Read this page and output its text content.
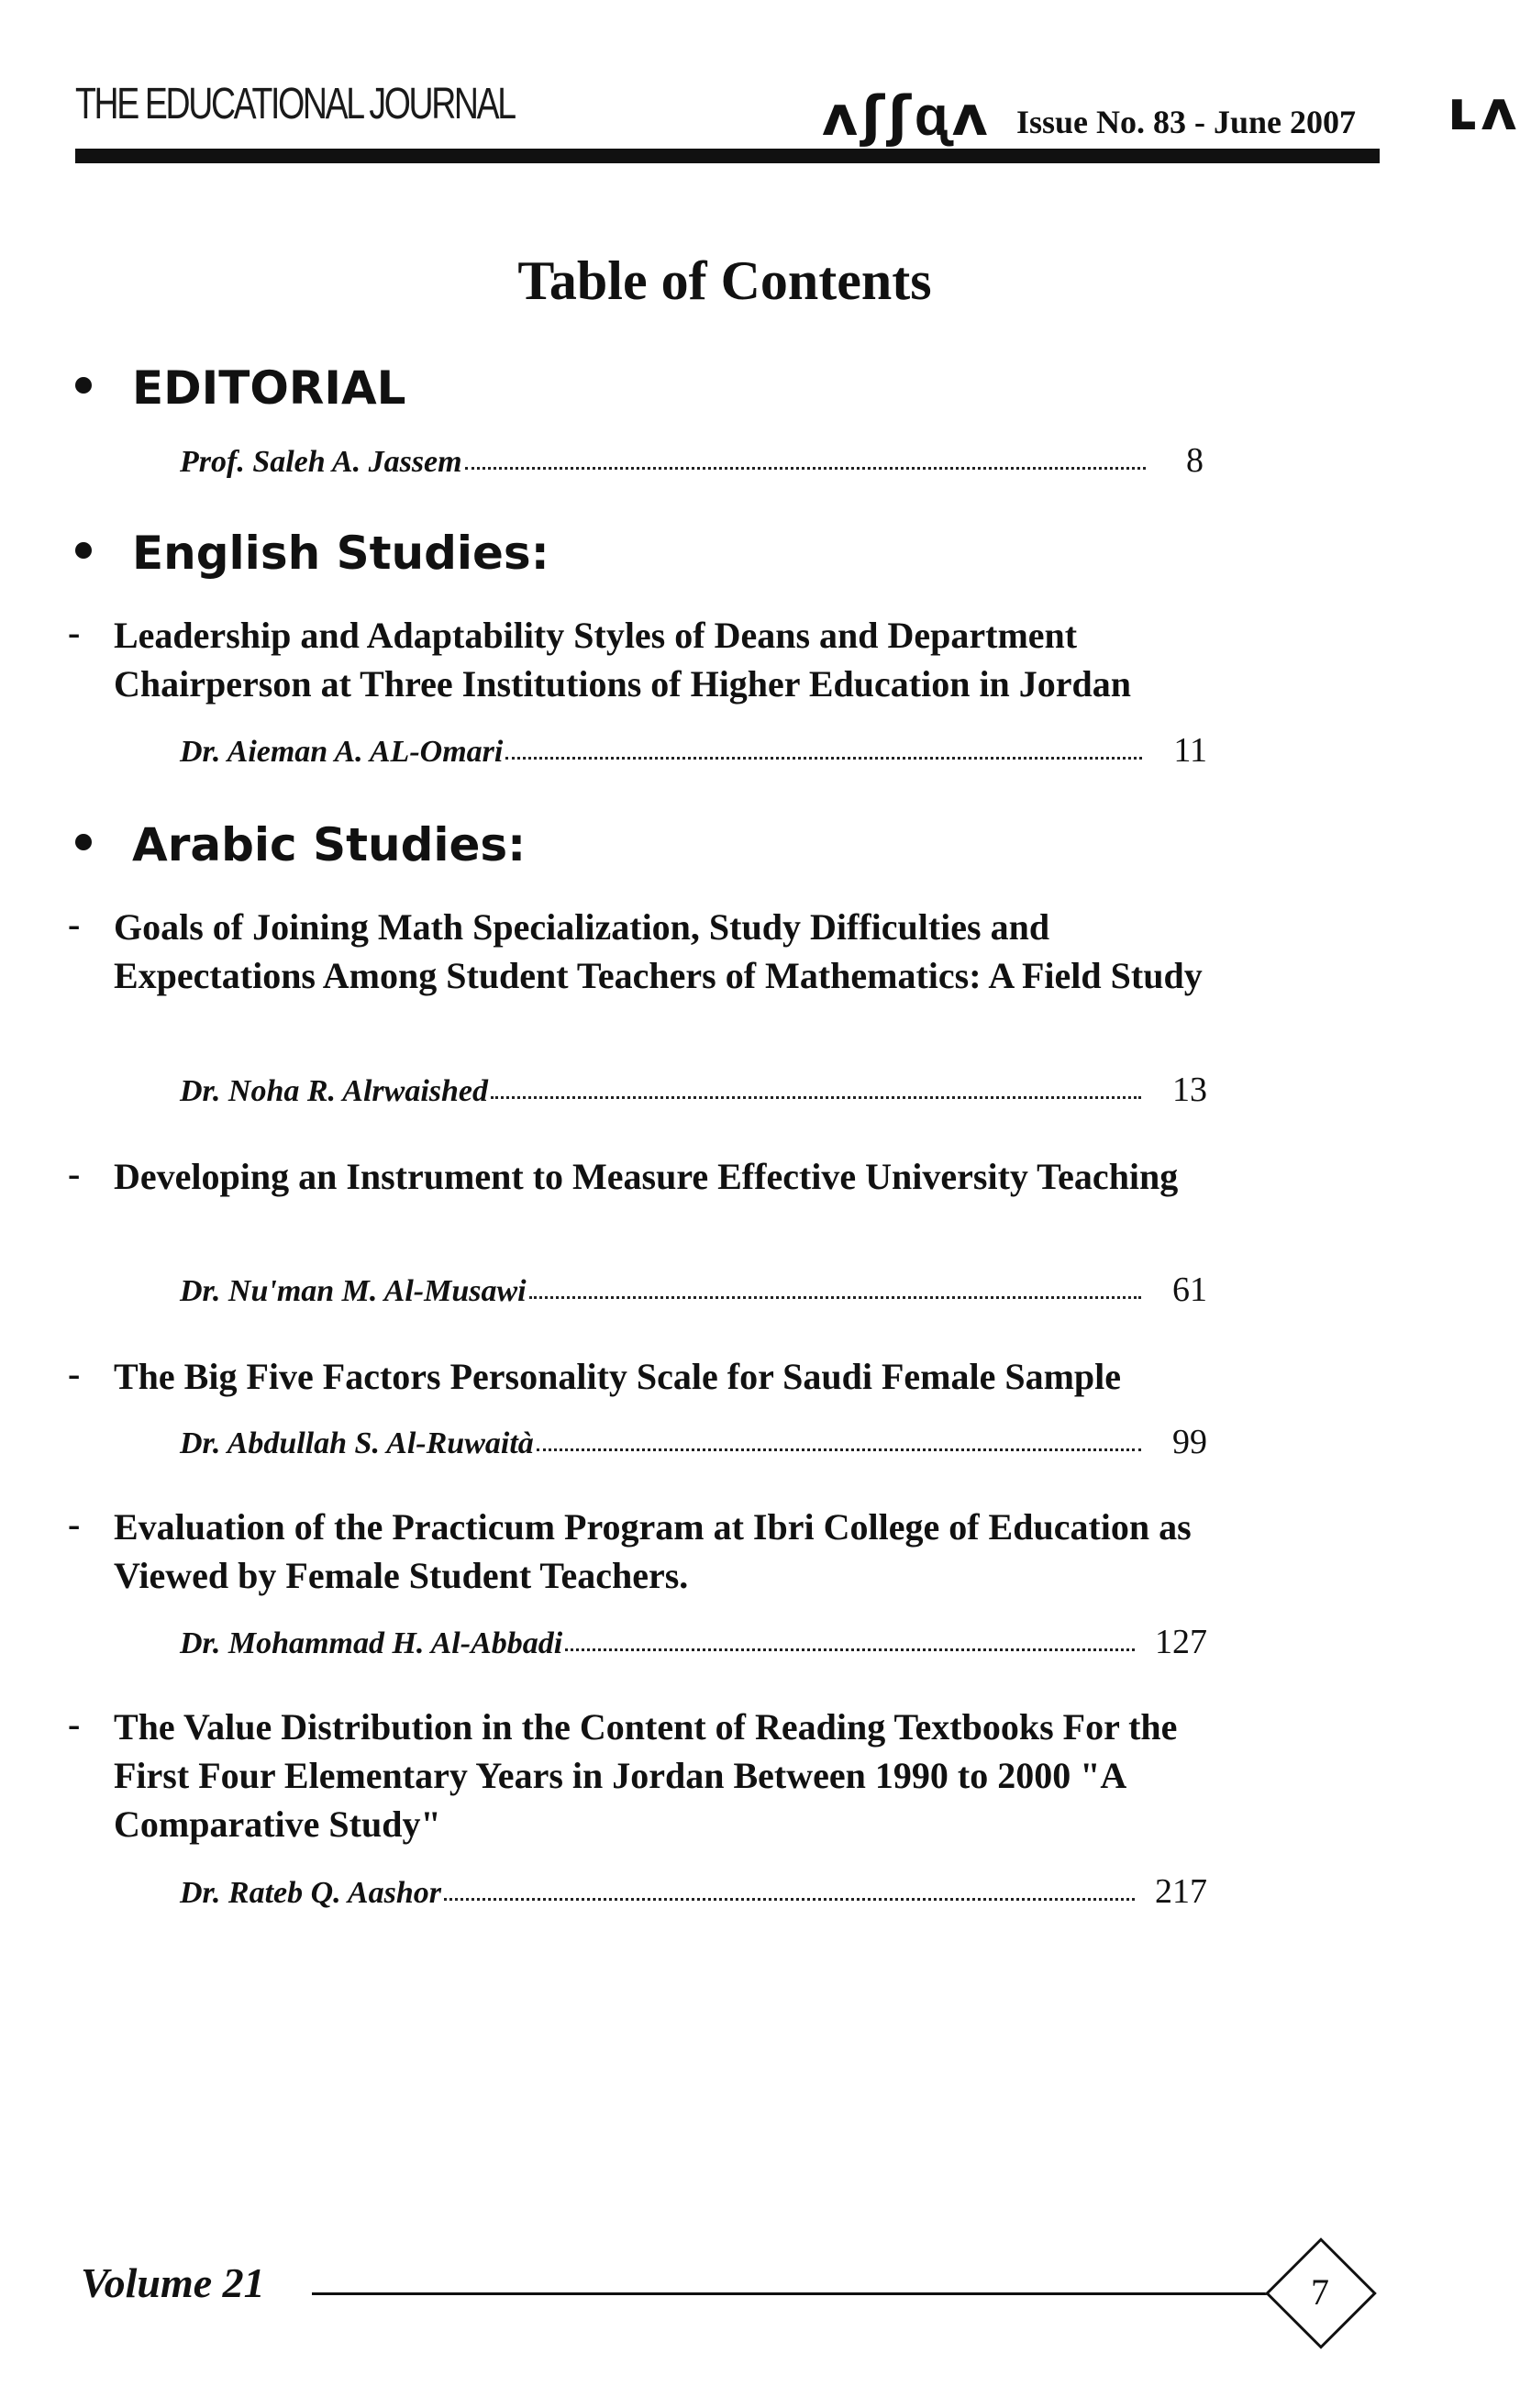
THE EDUCATIONAL JOURNAL	ʌʃʃᶐʌ Issue No. 83 - June 2007 ʟʌ
Table of Contents
EDITORIAL
Prof. Saleh A. Jassem	8
English Studies:
- Leadership and Adaptability Styles of Deans and Department Chairperson at Three Institutions of Higher Education in Jordan
Dr. Aieman A. AL-Omari	11
Arabic Studies:
- Goals of Joining Math Specialization, Study Difficulties and Expectations Among Student Teachers of Mathematics: A Field Study
Dr. Noha R. Alrwaished	13
- Developing an Instrument to Measure Effective University Teaching
Dr. Nu'man M. Al-Musawi	61
- The Big Five Factors Personality Scale for Saudi Female Sample
Dr. Abdullah S. Al-Ruwaità	99
- Evaluation of the Practicum Program at Ibri College of Education as Viewed by Female Student Teachers.
Dr. Mohammad H. Al-Abbadi	127
- The Value Distribution in the Content of Reading Textbooks For the First Four Elementary Years in Jordan Between 1990 to 2000 "A Comparative Study"
Dr. Rateb Q. Aashor	217
Volume 21	7
